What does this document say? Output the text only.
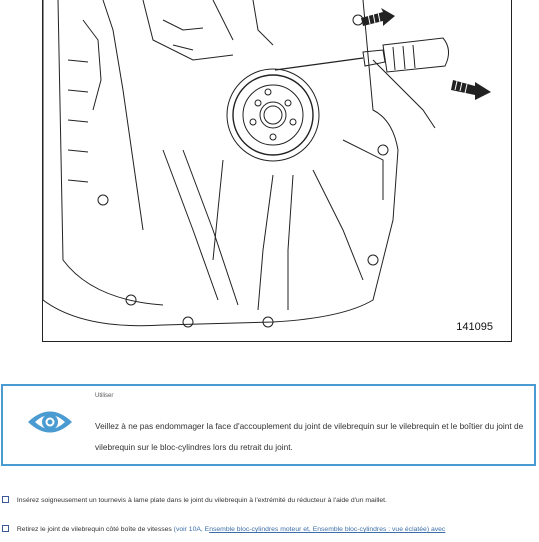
141095
Utiliser
Veillez à ne pas endommager la face d'accouplement du joint de vilebrequin sur le vilebrequin et le boîtier du joint de vilebrequin sur le bloc-cylindres lors du retrait du joint.
Insérez soigneusement un tournevis à lame plate dans le joint du vilebrequin à l'extrémité du réducteur à l'aide d'un maillet.
Retirez le joint de vilebrequin côté boîte de vitesses (voir 10A, Ensemble bloc-cylindres moteur et, Ensemble bloc-cylindres : vue éclatée) avec
